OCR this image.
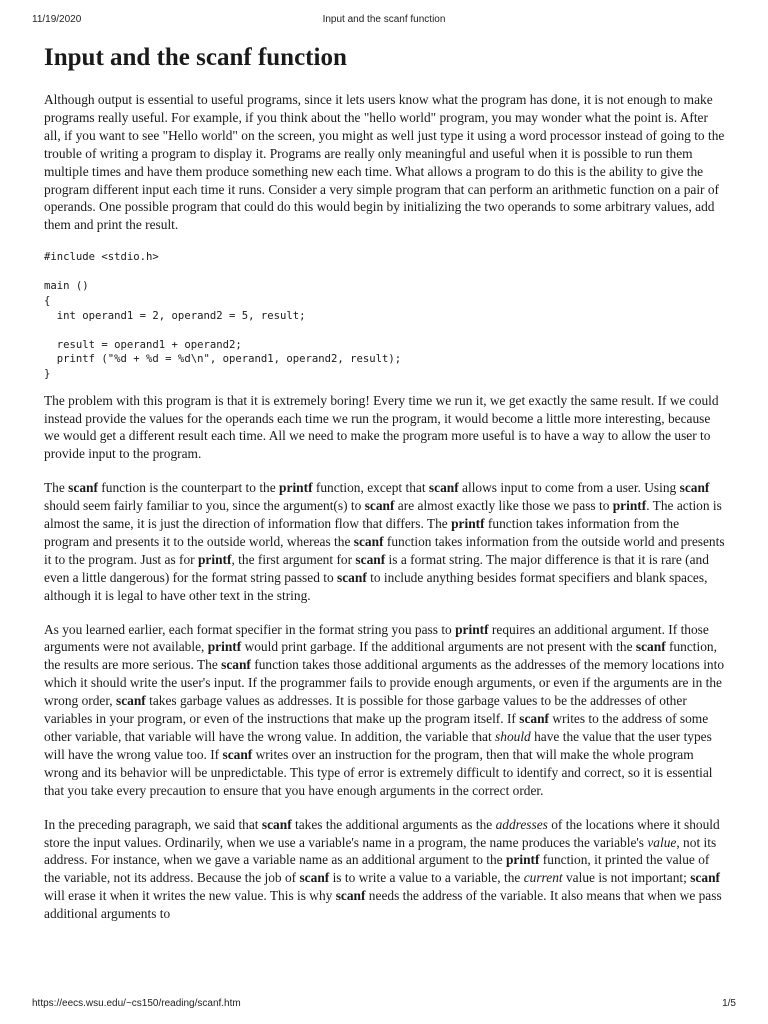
11/19/2020	Input and the scanf function
Input and the scanf function

Although output is essential to useful programs, since it lets users know what the program has done, it is not enough to make programs really useful. For example, if you think about the "hello world" program, you may wonder what the point is. After all, if you want to see "Hello world" on the screen, you might as well just type it using a word processor instead of going to the trouble of writing a program to display it. Programs are really only meaningful and useful when it is possible to run them multiple times and have them produce something new each time. What allows a program to do this is the ability to give the program different input each time it runs. Consider a very simple program that can perform an arithmetic function on a pair of operands. One possible program that could do this would begin by initializing the two operands to some arbitrary values, add them and print the result.

#include <stdio.h>

main ()
{
int operand1 = 2, operand2 = 5, result;

result = operand1 + operand2;
printf ("%d + %d = %d\n", operand1, operand2, result);
}

The problem with this program is that it is extremely boring! Every time we run it, we get exactly the same result. If we could instead provide the values for the operands each time we run the program, it would become a little more interesting, because we would get a different result each time. All we need to make the program more useful is to have a way to allow the user to provide input to the program.

The scanf function is the counterpart to the printf function, except that scanf allows input to come from a user. Using scanf should seem fairly familiar to you, since the argument(s) to scanf are almost exactly like those we pass to printf. The action is almost the same, it is just the direction of information flow that differs. The printf function takes information from the program and presents it to the outside world, whereas the scanf function takes information from the outside world and presents it to the program. Just as for printf, the first argument for scanf is a format string. The major difference is that it is rare (and even a little dangerous) for the format string passed to scanf to include anything besides format specifiers and blank spaces, although it is legal to have other text in the string.

As you learned earlier, each format specifier in the format string you pass to printf requires an additional argument. If those arguments were not available, printf would print garbage. If the additional arguments are not present with the scanf function, the results are more serious. The scanf function takes those additional arguments as the addresses of the memory locations into which it should write the user's input. If the programmer fails to provide enough arguments, or even if the arguments are in the wrong order, scanf takes garbage values as addresses. It is possible for those garbage values to be the addresses of other variables in your program, or even of the instructions that make up the program itself. If scanf writes to the address of some other variable, that variable will have the wrong value. In addition, the variable that should have the value that the user types will have the wrong value too. If scanf writes over an instruction for the program, then that will make the whole program wrong and its behavior will be unpredictable. This type of error is extremely difficult to identify and correct, so it is essential that you take every precaution to ensure that you have enough arguments in the correct order.

In the preceding paragraph, we said that scanf takes the additional arguments as the addresses of the locations where it should store the input values. Ordinarily, when we use a variable's name in a program, the name produces the variable's value, not its address. For instance, when we gave a variable name as an additional argument to the printf function, it printed the value of the variable, not its address. Because the job of scanf is to write a value to a variable, the current value is not important; scanf will erase it when it writes the new value. This is why scanf needs the address of the variable. It also means that when we pass additional arguments to

https://eecs.wsu.edu/~cs150/reading/scanf.htm	1/5
